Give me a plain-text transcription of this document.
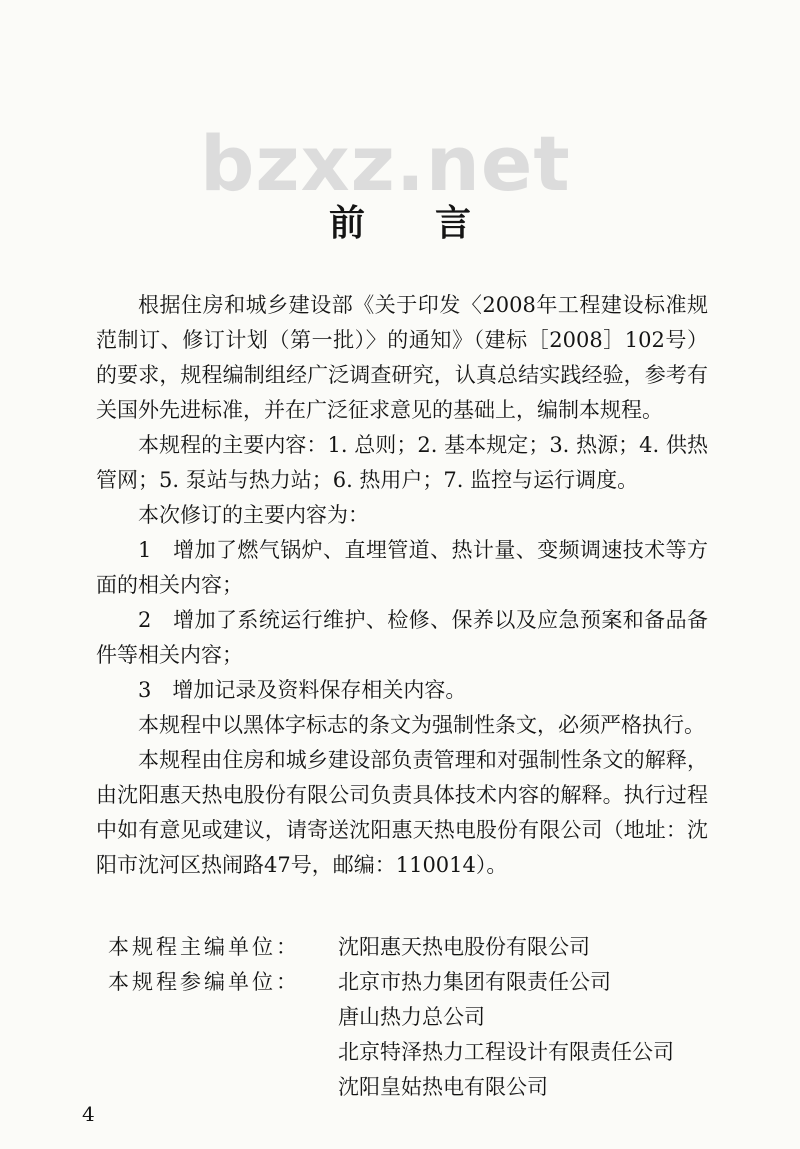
bzxz.net
前言

根据住房和城乡建设部《关于印发〈2008年工程建设标准规范制订、修订计划（第一批）〉的通知》（建标［2008］102号）的要求，规程编制组经广泛调查研究，认真总结实践经验，参考有关国外先进标准，并在广泛征求意见的基础上，编制本规程。

本规程的主要内容：1. 总则；2. 基本规定；3. 热源；4. 供热管网；5. 泵站与热力站；6. 热用户；7. 监控与运行调度。

本次修订的主要内容为：

1　增加了燃气锅炉、直埋管道、热计量、变频调速技术等方面的相关内容；

2　增加了系统运行维护、检修、保养以及应急预案和备品备件等相关内容；

3　增加记录及资料保存相关内容。

本规程中以黑体字标志的条文为强制性条文，必须严格执行。

本规程由住房和城乡建设部负责管理和对强制性条文的解释，由沈阳惠天热电股份有限公司负责具体技术内容的解释。执行过程中如有意见或建议，请寄送沈阳惠天热电股份有限公司（地址：沈阳市沈河区热闹路47号，邮编：110014）。

本规程主编单位：	沈阳惠天热电股份有限公司
本规程参编单位：	北京市热力集团有限责任公司
唐山热力总公司
北京特泽热力工程设计有限责任公司
沈阳皇姑热电有限公司
4
